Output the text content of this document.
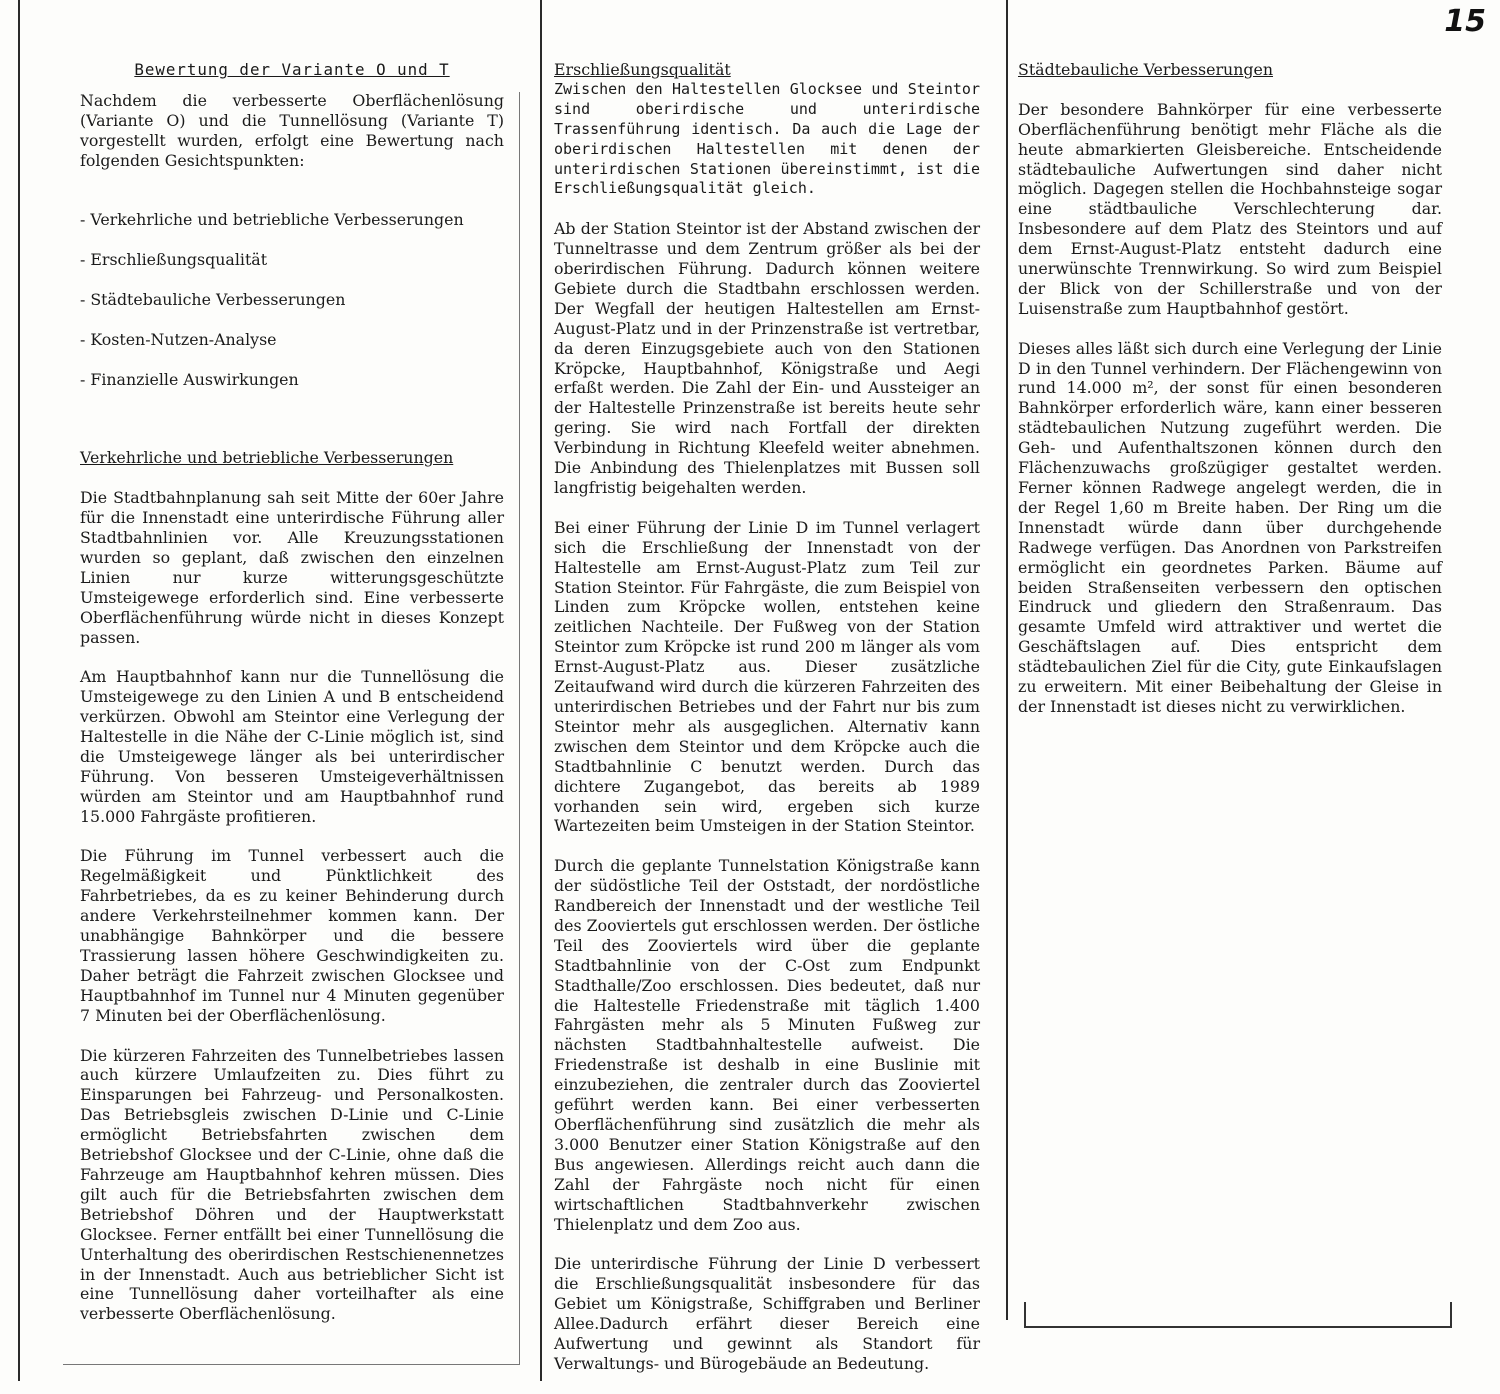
15
Bewertung der Variante O und T

Nachdem die verbesserte Oberflächenlösung (Variante O) und die Tunnellösung (Variante T) vorgestellt wurden, erfolgt eine Bewertung nach folgenden Gesichtspunkten:

- Verkehrliche und betriebliche Verbesserungen
- Erschließungsqualität
- Städtebauliche Verbesserungen
- Kosten-Nutzen-Analyse
- Finanzielle Auswirkungen
Verkehrliche und betriebliche Verbesserungen

Die Stadtbahnplanung sah seit Mitte der 60er Jahre für die Innenstadt eine unterirdische Führung aller Stadtbahnlinien vor. Alle Kreuzungsstationen wurden so geplant, daß zwischen den einzelnen Linien nur kurze witterungsgeschützte Umsteigewege erforderlich sind. Eine verbesserte Oberflächenführung würde nicht in dieses Konzept passen.

Am Hauptbahnhof kann nur die Tunnellösung die Umsteigewege zu den Linien A und B entscheidend verkürzen. Obwohl am Steintor eine Verlegung der Haltestelle in die Nähe der C-Linie möglich ist, sind die Umsteigewege länger als bei unterirdischer Führung. Von besseren Umsteigeverhältnissen würden am Steintor und am Hauptbahnhof rund 15.000 Fahrgäste profitieren.

Die Führung im Tunnel verbessert auch die Regelmäßigkeit und Pünktlichkeit des Fahrbetriebes, da es zu keiner Behinderung durch andere Verkehrsteilnehmer kommen kann. Der unabhängige Bahnkörper und die bessere Trassierung lassen höhere Geschwindigkeiten zu. Daher beträgt die Fahrzeit zwischen Glocksee und Hauptbahnhof im Tunnel nur 4 Minuten gegenüber 7 Minuten bei der Oberflächenlösung.

Die kürzeren Fahrzeiten des Tunnelbetriebes lassen auch kürzere Umlaufzeiten zu. Dies führt zu Einsparungen bei Fahrzeug- und Personalkosten. Das Betriebsgleis zwischen D-Linie und C-Linie ermöglicht Betriebsfahrten zwischen dem Betriebshof Glocksee und der C-Linie, ohne daß die Fahrzeuge am Hauptbahnhof kehren müssen. Dies gilt auch für die Betriebsfahrten zwischen dem Betriebshof Döhren und der Hauptwerkstatt Glocksee. Ferner entfällt bei einer Tunnellösung die Unterhaltung des oberirdischen Restschienennetzes in der Innenstadt. Auch aus betrieblicher Sicht ist eine Tunnellösung daher vorteilhafter als eine verbesserte Oberflächenlösung.

Erschließungsqualität

Zwischen den Haltestellen Glocksee und Steintor sind oberirdische und unterirdische Trassenführung identisch. Da auch die Lage der oberirdischen Haltestellen mit denen der unterirdischen Stationen übereinstimmt, ist die Erschließungsqualität gleich.

Ab der Station Steintor ist der Abstand zwischen der Tunneltrasse und dem Zentrum größer als bei der oberirdischen Führung. Dadurch können weitere Gebiete durch die Stadtbahn erschlossen werden. Der Wegfall der heutigen Haltestellen am Ernst-August-Platz und in der Prinzenstraße ist vertretbar, da deren Einzugsgebiete auch von den Stationen Kröpcke, Hauptbahnhof, Königstraße und Aegi erfaßt werden. Die Zahl der Ein- und Aussteiger an der Haltestelle Prinzenstraße ist bereits heute sehr gering. Sie wird nach Fortfall der direkten Verbindung in Richtung Kleefeld weiter abnehmen. Die Anbindung des Thielenplatzes mit Bussen soll langfristig beigehalten werden.

Bei einer Führung der Linie D im Tunnel verlagert sich die Erschließung der Innenstadt von der Haltestelle am Ernst-August-Platz zum Teil zur Station Steintor. Für Fahrgäste, die zum Beispiel von Linden zum Kröpcke wollen, entstehen keine zeitlichen Nachteile. Der Fußweg von der Station Steintor zum Kröpcke ist rund 200 m länger als vom Ernst-August-Platz aus. Dieser zusätzliche Zeitaufwand wird durch die kürzeren Fahrzeiten des unterirdischen Betriebes und der Fahrt nur bis zum Steintor mehr als ausgeglichen. Alternativ kann zwischen dem Steintor und dem Kröpcke auch die Stadtbahnlinie C benutzt werden. Durch das dichtere Zugangebot, das bereits ab 1989 vorhanden sein wird, ergeben sich kurze Wartezeiten beim Umsteigen in der Station Steintor.

Durch die geplante Tunnelstation Königstraße kann der südöstliche Teil der Oststadt, der nordöstliche Randbereich der Innenstadt und der westliche Teil des Zooviertels gut erschlossen werden. Der östliche Teil des Zooviertels wird über die geplante Stadtbahnlinie von der C-Ost zum Endpunkt Stadthalle/Zoo erschlossen. Dies bedeutet, daß nur die Haltestelle Friedenstraße mit täglich 1.400 Fahrgästen mehr als 5 Minuten Fußweg zur nächsten Stadtbahnhaltestelle aufweist. Die Friedenstraße ist deshalb in eine Buslinie mit einzubeziehen, die zentraler durch das Zooviertel geführt werden kann. Bei einer verbesserten Oberflächenführung sind zusätzlich die mehr als 3.000 Benutzer einer Station Königstraße auf den Bus angewiesen. Allerdings reicht auch dann die Zahl der Fahrgäste noch nicht für einen wirtschaftlichen Stadtbahnverkehr zwischen Thielenplatz und dem Zoo aus.

Die unterirdische Führung der Linie D verbessert die Erschließungsqualität insbesondere für das Gebiet um Königstraße, Schiffgraben und Berliner Allee.Dadurch erfährt dieser Bereich eine Aufwertung und gewinnt als Standort für Verwaltungs- und Bürogebäude an Bedeutung.

Städtebauliche Verbesserungen

Der besondere Bahnkörper für eine verbesserte Oberflächenführung benötigt mehr Fläche als die heute abmarkierten Gleisbereiche. Entscheidende städtebauliche Aufwertungen sind daher nicht möglich. Dagegen stellen die Hochbahnsteige sogar eine städtbauliche Verschlechterung dar. Insbesondere auf dem Platz des Steintors und auf dem Ernst-August-Platz entsteht dadurch eine unerwünschte Trennwirkung. So wird zum Beispiel der Blick von der Schillerstraße und von der Luisenstraße zum Hauptbahnhof gestört.

Dieses alles läßt sich durch eine Verlegung der Linie D in den Tunnel verhindern. Der Flächengewinn von rund 14.000 m², der sonst für einen besonderen Bahnkörper erforderlich wäre, kann einer besseren städtebaulichen Nutzung zugeführt werden. Die Geh- und Aufenthaltszonen können durch den Flächenzuwachs großzügiger gestaltet werden. Ferner können Radwege angelegt werden, die in der Regel 1,60 m Breite haben. Der Ring um die Innenstadt würde dann über durchgehende Radwege verfügen. Das Anordnen von Parkstreifen ermöglicht ein geordnetes Parken. Bäume auf beiden Straßenseiten verbessern den optischen Eindruck und gliedern den Straßenraum. Das gesamte Umfeld wird attraktiver und wertet die Geschäftslagen auf. Dies entspricht dem städtebaulichen Ziel für die City, gute Einkaufslagen zu erweitern. Mit einer Beibehaltung der Gleise in der Innenstadt ist dieses nicht zu verwirklichen.
